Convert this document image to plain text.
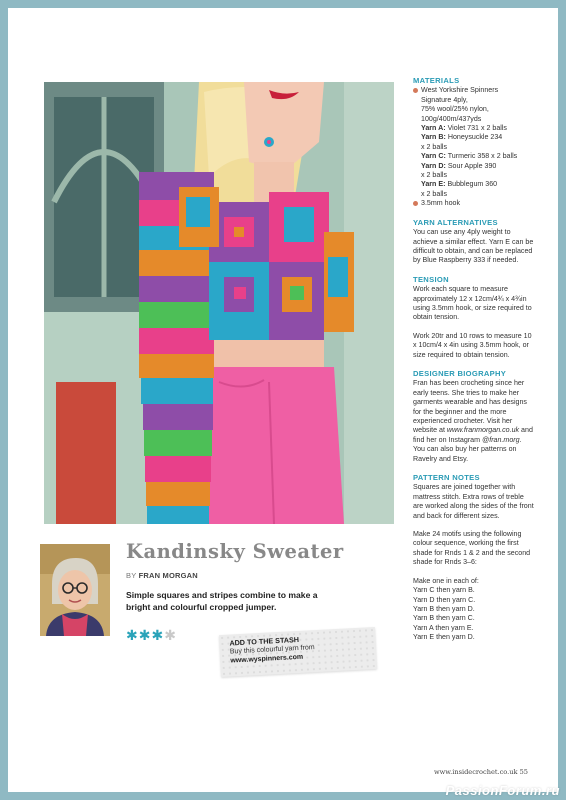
MATERIALS
West Yorkshire Spinners
Signature 4ply,
75% wool/25% nylon,
100g/400m/437yds
Yarn A: Violet 731 x 2 balls
Yarn B: Honeysuckle 234
x 2 balls
Yarn C: Turmeric 358 x 2 balls
Yarn D: Sour Apple 390
x 2 balls
Yarn E: Bubblegum 360
x 2 balls

3.5mm hook

YARN ALTERNATIVES

You can use any 4ply weight to achieve a similar effect. Yarn E can be difficult to obtain, and can be replaced by Blue Raspberry 333 if needed.

TENSION

Work each square to measure approximately 12 x 12cm/4¾ x 4¾in using 3.5mm hook, or size required to obtain tension.

Work 20tr and 10 rows to measure 10 x 10cm/4 x 4in using 3.5mm hook, or size required to obtain tension.

DESIGNER BIOGRAPHY

Fran has been crocheting since her early teens. She tries to make her garments wearable and has designs for the beginner and the more experienced crocheter. Visit her website at www.franmorgan.co.uk and find her on Instagram @fran.morg. You can also buy her patterns on Ravelry and Etsy.

PATTERN NOTES

Squares are joined together with mattress stitch. Extra rows of treble are worked along the sides of the front and back for different sizes.

Make 24 motifs using the following colour sequence, working the first shade for Rnds 1 & 2 and the second shade for Rnds 3–6:

Make one in each of:
Yarn C then yarn B.
Yarn D then yarn C.
Yarn B then yarn D.
Yarn B then yarn C.
Yarn A then yarn E.
Yarn E then yarn D.
Kandinsky Sweater
BY FRAN MORGAN
Simple squares and stripes combine to make a bright and colourful cropped jumper.
✱✱✱✱	ADD TO THE STASH
Buy this colourful yarn from
www.wyspinners.com
www.insidecrochet.co.uk 55
PassionForum.ru
